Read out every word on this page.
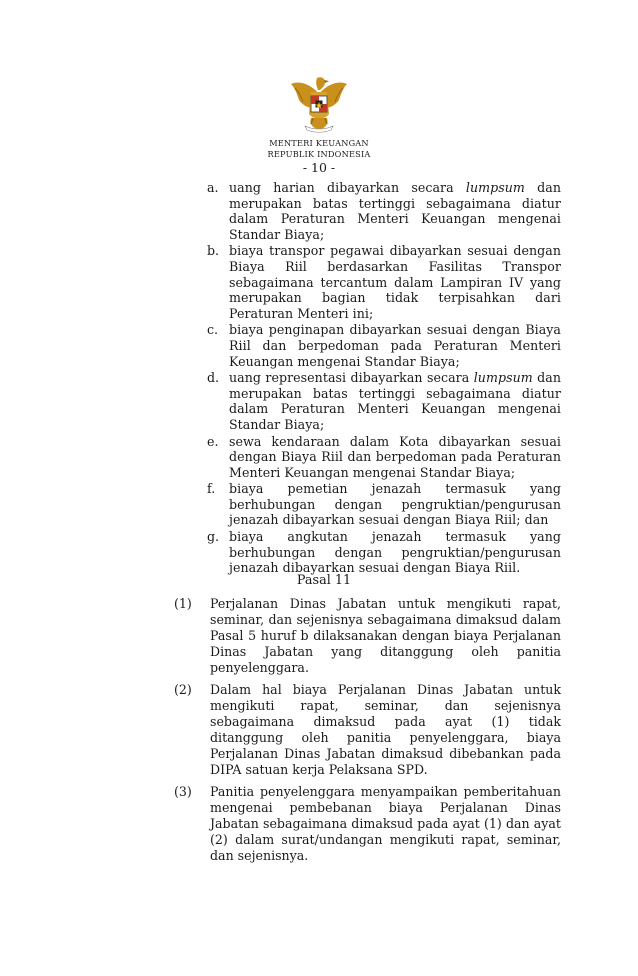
MENTERI KEUANGAN
REPUBLIK INDONESIA
- 10 -
a. uang harian dibayarkan secara lumpsum dan merupakan batas tertinggi sebagaimana diatur dalam Peraturan Menteri Keuangan mengenai Standar Biaya;
b. biaya transpor pegawai dibayarkan sesuai dengan Biaya Riil berdasarkan Fasilitas Transpor sebagaimana tercantum dalam Lampiran IV yang merupakan bagian tidak terpisahkan dari Peraturan Menteri ini;
c. biaya penginapan dibayarkan sesuai dengan Biaya Riil dan berpedoman pada Peraturan Menteri Keuangan mengenai Standar Biaya;
d. uang representasi dibayarkan secara lumpsum dan merupakan batas tertinggi sebagaimana diatur dalam Peraturan Menteri Keuangan mengenai Standar Biaya;
e. sewa kendaraan dalam Kota dibayarkan sesuai dengan Biaya Riil dan berpedoman pada Peraturan Menteri Keuangan mengenai Standar Biaya;
f.	biaya pemetian jenazah termasuk yang berhubungan dengan pengruktian/pengurusan jenazah dibayarkan sesuai dengan Biaya Riil; dan
g. biaya angkutan jenazah termasuk yang berhubungan dengan pengruktian/pengurusan jenazah dibayarkan sesuai dengan Biaya Riil.
Pasal 11
(1)	Perjalanan Dinas Jabatan untuk mengikuti rapat, seminar, dan sejenisnya sebagaimana dimaksud dalam Pasal 5 huruf b dilaksanakan dengan biaya Perjalanan Dinas Jabatan yang ditanggung oleh panitia penyelenggara.
(2)	Dalam hal biaya Perjalanan Dinas Jabatan untuk mengikuti rapat, seminar, dan sejenisnya sebagaimana dimaksud pada ayat (1) tidak ditanggung oleh panitia penyelenggara, biaya Perjalanan Dinas Jabatan dimaksud dibebankan pada DIPA satuan kerja Pelaksana SPD.
(3)	Panitia penyelenggara menyampaikan pemberitahuan mengenai pembebanan biaya Perjalanan Dinas Jabatan sebagaimana dimaksud pada ayat (1) dan ayat (2) dalam surat/undangan mengikuti rapat, seminar, dan sejenisnya.
